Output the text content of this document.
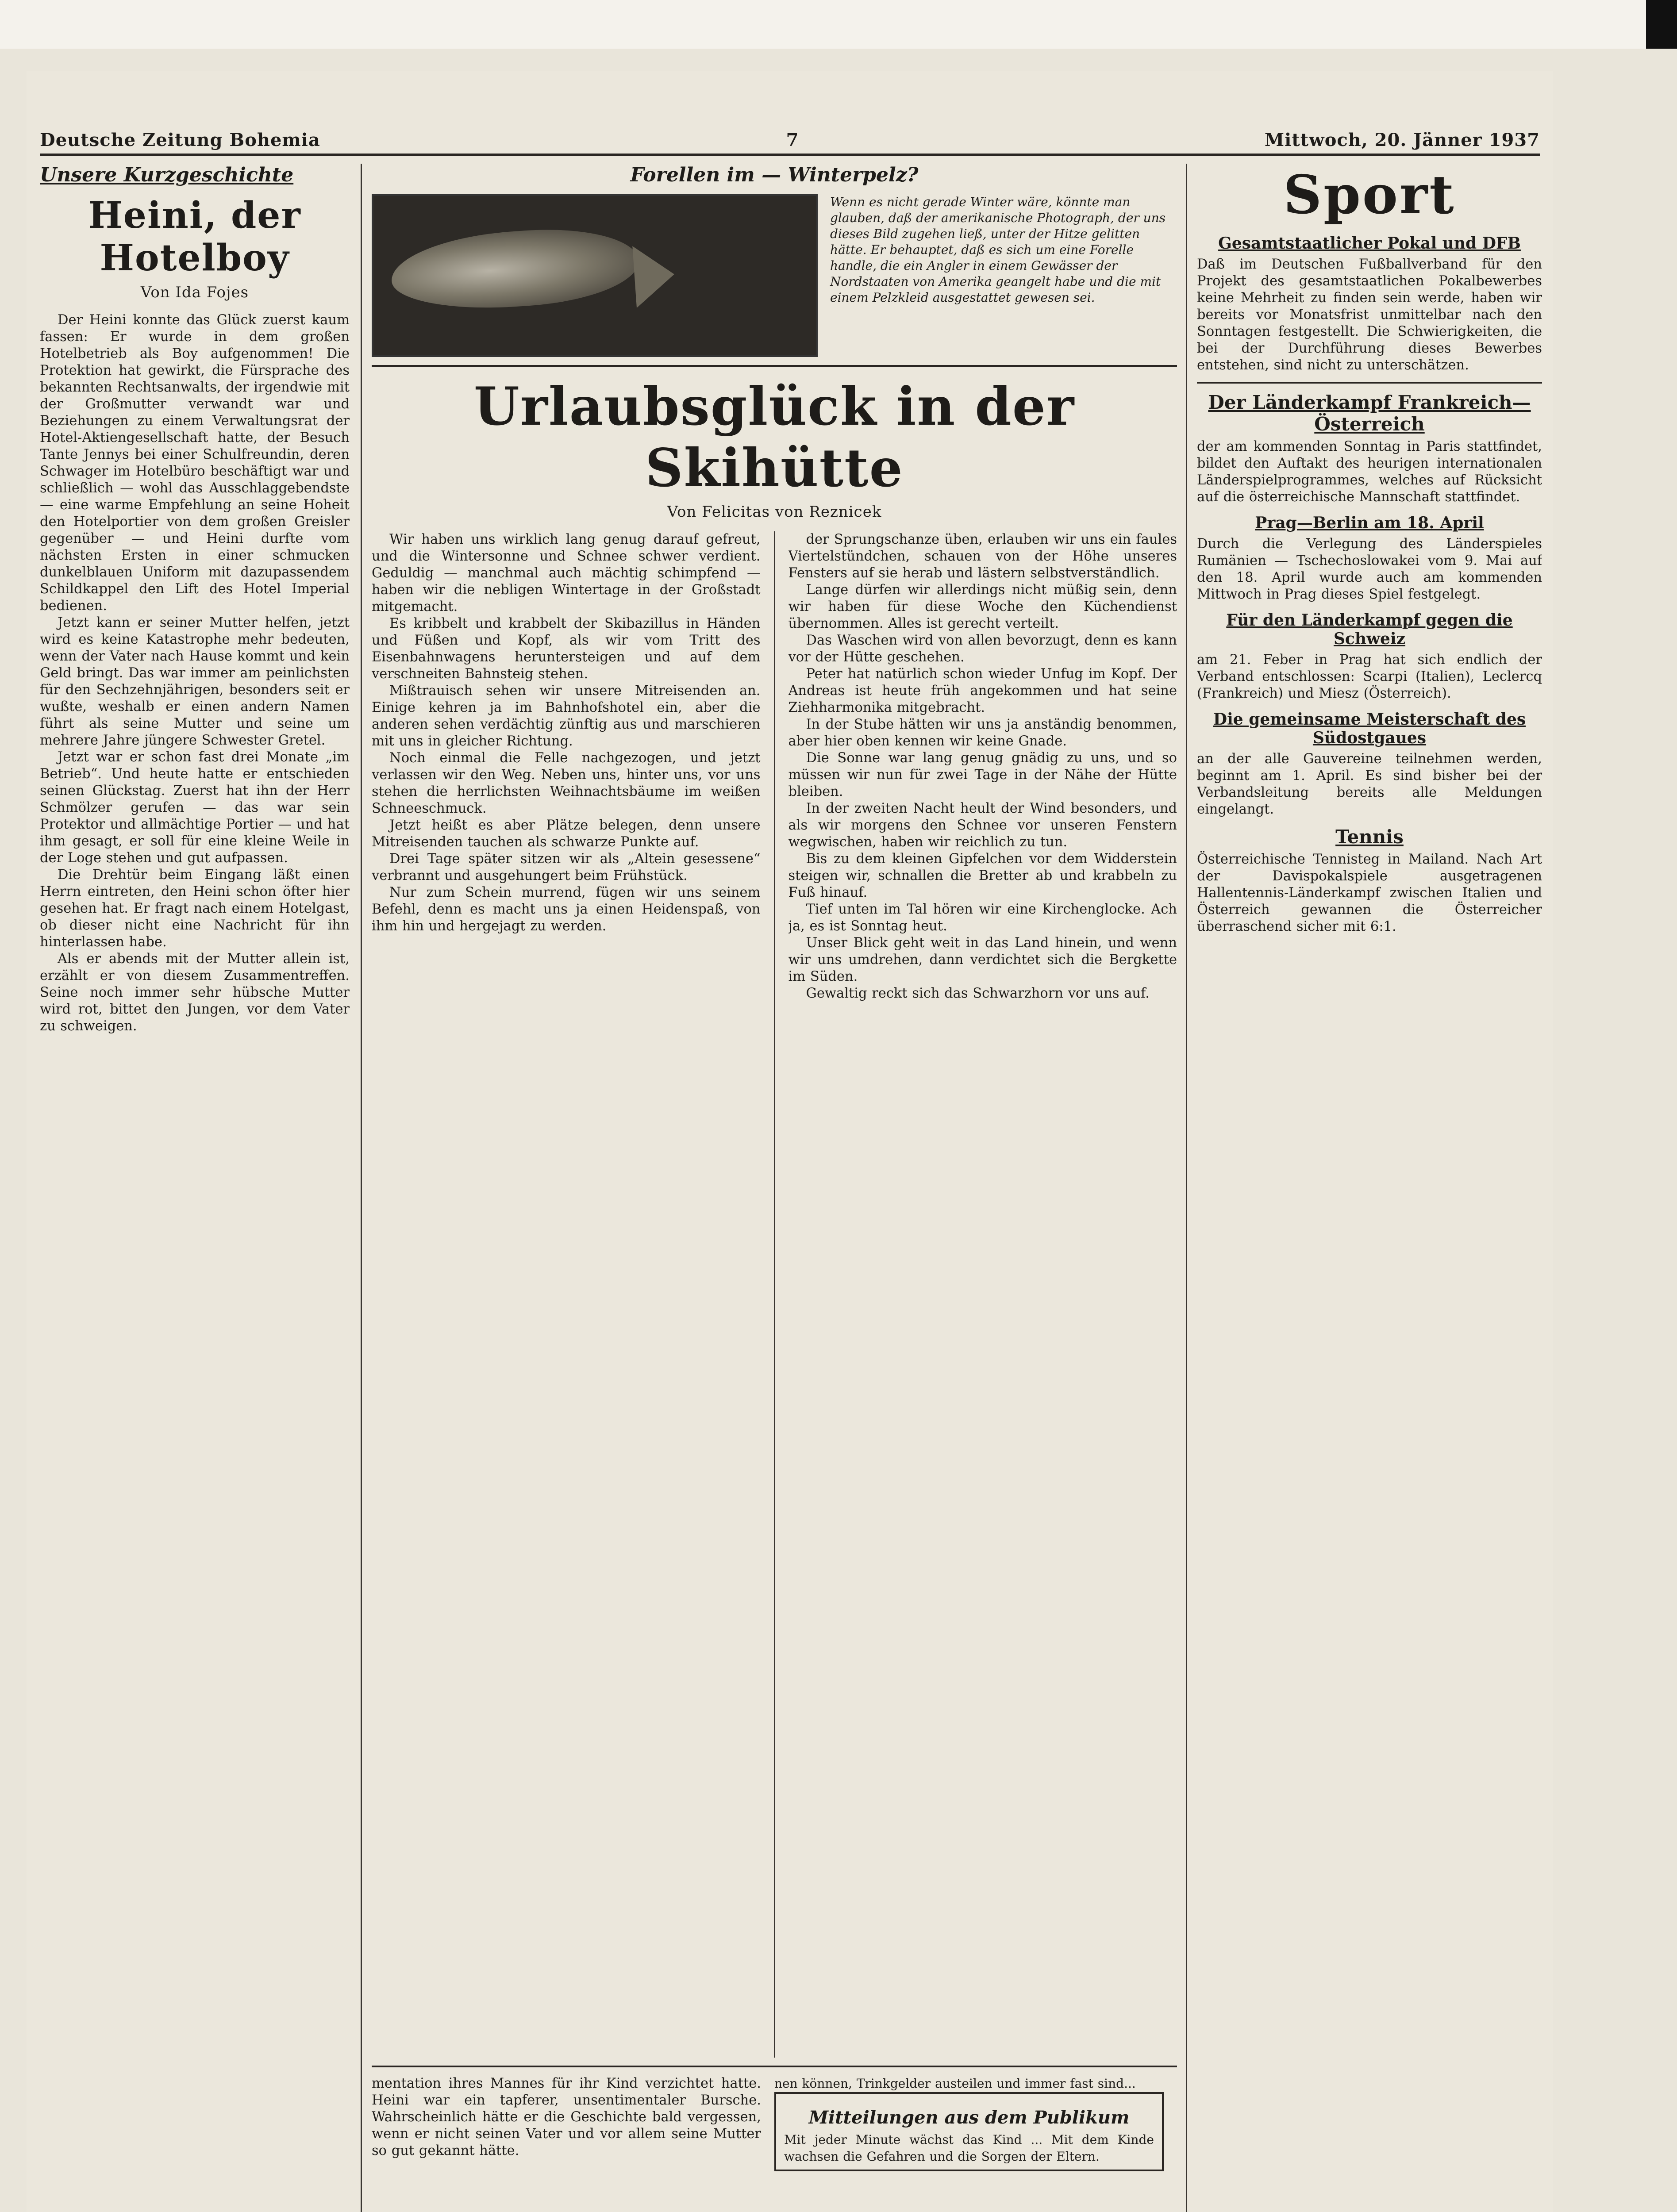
Deutsche Zeitung Bohemia	7	Mittwoch, 20. Jänner 1937
Unsere Kurzgeschichte
Heini, der Hotelboy
Von Ida Fojes

Der Heini konnte das Glück zuerst kaum fassen: Er wurde in dem großen Hotelbetrieb als Boy aufgenommen! Die Protektion hat gewirkt, die Fürsprache des bekannten Rechtsanwalts, der irgendwie mit der Großmutter verwandt war und Beziehungen zu einem Verwaltungsrat der Hotel-Aktiengesellschaft hatte, der Besuch Tante Jennys bei einer Schulfreundin, deren Schwager im Hotelbüro beschäftigt war und schließlich — wohl das Ausschlaggebendste — eine warme Empfehlung an seine Hoheit den Hotelportier von dem großen Greisler gegenüber — und Heini durfte vom nächsten Ersten in einer schmucken dunkelblauen Uniform mit dazupassendem Schildkappel den Lift des Hotel Imperial bedienen.

Jetzt kann er seiner Mutter helfen, jetzt wird es keine Katastrophe mehr bedeuten, wenn der Vater nach Hause kommt und kein Geld bringt. Das war immer am peinlichsten für den Sechzehnjährigen, besonders seit er wußte, weshalb er einen andern Namen führt als seine Mutter und seine um mehrere Jahre jüngere Schwester Gretel.

Jetzt war er schon fast drei Monate „im Betrieb“. Und heute hatte er entschieden seinen Glückstag. Zuerst hat ihn der Herr Schmölzer gerufen — das war sein Protektor und allmächtige Portier — und hat ihm gesagt, er soll für eine kleine Weile in der Loge stehen und gut aufpassen.

Die Drehtür beim Eingang läßt einen Herrn eintreten, den Heini schon öfter hier gesehen hat. Er fragt nach einem Hotelgast, ob dieser nicht eine Nachricht für ihn hinterlassen habe.

Als er abends mit der Mutter allein ist, erzählt er von diesem Zusammentreffen. Seine noch immer sehr hübsche Mutter wird rot, bittet den Jungen, vor dem Vater zu schweigen.

Forellen im — Winterpelz?
Wenn es nicht gerade Winter wäre, könnte man glauben, daß der amerikanische Photograph, der uns dieses Bild zugehen ließ, unter der Hitze gelitten hätte. Er behauptet, daß es sich um eine Forelle handle, die ein Angler in einem Gewässer der Nordstaaten von Amerika geangelt habe und die mit einem Pelzkleid ausgestattet gewesen sei.
Urlaubsglück in der Skihütte
Von Felicitas von Reznicek

Wir haben uns wirklich lang genug darauf gefreut, und die Wintersonne und Schnee schwer verdient. Geduldig — manchmal auch mächtig schimpfend — haben wir die nebligen Wintertage in der Großstadt mitgemacht.

Es kribbelt und krabbelt der Skibazillus in Händen und Füßen und Kopf, als wir vom Tritt des Eisenbahnwagens heruntersteigen und auf dem verschneiten Bahnsteig stehen.

Mißtrauisch sehen wir unsere Mitreisenden an. Einige kehren ja im Bahnhofshotel ein, aber die anderen sehen verdächtig zünftig aus und marschieren mit uns in gleicher Richtung.

Noch einmal die Felle nachgezogen, und jetzt verlassen wir den Weg. Neben uns, hinter uns, vor uns stehen die herrlichsten Weihnachtsbäume im weißen Schneeschmuck.

Jetzt heißt es aber Plätze belegen, denn unsere Mitreisenden tauchen als schwarze Punkte auf.

Drei Tage später sitzen wir als „Altein gesessene“ verbrannt und ausgehungert beim Frühstück.

Nur zum Schein murrend, fügen wir uns seinem Befehl, denn es macht uns ja einen Heidenspaß, von ihm hin und hergejagt zu werden.

der Sprungschanze üben, erlauben wir uns ein faules Viertelstündchen, schauen von der Höhe unseres Fensters auf sie herab und lästern selbstverständlich.

Lange dürfen wir allerdings nicht müßig sein, denn wir haben für diese Woche den Küchendienst übernommen. Alles ist gerecht verteilt.

Das Waschen wird von allen bevorzugt, denn es kann vor der Hütte geschehen.

Peter hat natürlich schon wieder Unfug im Kopf. Der Andreas ist heute früh angekommen und hat seine Ziehharmonika mitgebracht.

In der Stube hätten wir uns ja anständig benommen, aber hier oben kennen wir keine Gnade.

Die Sonne war lang genug gnädig zu uns, und so müssen wir nun für zwei Tage in der Nähe der Hütte bleiben.

In der zweiten Nacht heult der Wind besonders, und als wir morgens den Schnee vor unseren Fenstern wegwischen, haben wir reichlich zu tun.

Bis zu dem kleinen Gipfelchen vor dem Widderstein steigen wir, schnallen die Bretter ab und krabbeln zu Fuß hinauf.

Tief unten im Tal hören wir eine Kirchenglocke. Ach ja, es ist Sonntag heut.

Unser Blick geht weit in das Land hinein, und wenn wir uns umdrehen, dann verdichtet sich die Bergkette im Süden.

Gewaltig reckt sich das Schwarzhorn vor uns auf.

mentation ihres Mannes für ihr Kind verzichtet hatte. Heini war ein tapferer, unsentimentaler Bursche. Wahrscheinlich hätte er die Geschichte bald vergessen, wenn er nicht seinen Vater und vor allem seine Mutter so gut gekannt hätte.
nen können, Trinkgelder austeilen und immer fast sind...
Mitteilungen aus dem Publikum
Mit jeder Minute wächst das Kind ... Mit dem Kinde wachsen die Gefahren und die Sorgen der Eltern.
Sport
Gesamtstaatlicher Pokal und DFB
Daß im Deutschen Fußballverband für den Projekt des gesamtstaatlichen Pokalbewerbes keine Mehrheit zu finden sein werde, haben wir bereits vor Monatsfrist unmittelbar nach den Sonntagen festgestellt. Die Schwierigkeiten, die bei der Durchführung dieses Bewerbes entstehen, sind nicht zu unterschätzen.
Der Länderkampf Frankreich—Österreich
der am kommenden Sonntag in Paris stattfindet, bildet den Auftakt des heurigen internationalen Länderspielprogrammes, welches auf Rücksicht auf die österreichische Mannschaft stattfindet.
Prag—Berlin am 18. April
Durch die Verlegung des Länderspieles Rumänien — Tschechoslowakei vom 9. Mai auf den 18. April wurde auch am kommenden Mittwoch in Prag dieses Spiel festgelegt.
Für den Länderkampf gegen die Schweiz
am 21. Feber in Prag hat sich endlich der Verband entschlossen: Scarpi (Italien), Leclercq (Frankreich) und Miesz (Österreich).
Die gemeinsame Meisterschaft des Südostgaues
an der alle Gauvereine teilnehmen werden, beginnt am 1. April. Es sind bisher bei der Verbandsleitung bereits alle Meldungen eingelangt.
Tennis
Österreichische Tennisteg in Mailand. Nach Art der Davispokalspiele ausgetragenen Hallentennis-Länderkampf zwischen Italien und Österreich gewannen die Österreicher überraschend sicher mit 6:1.
